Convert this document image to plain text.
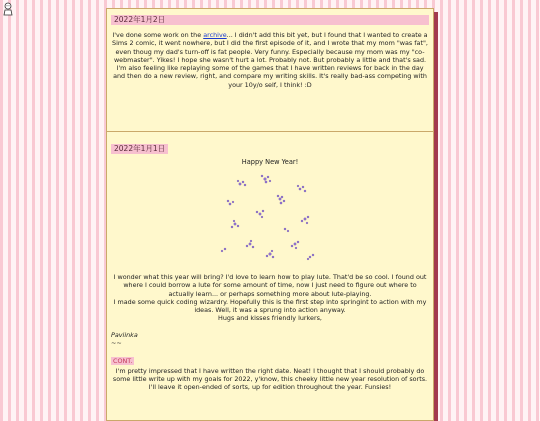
2022年1月2日
I've done some work on the archive... I didn't add this bit yet, but I found that I wanted to create a Sims 2 comic, it went nowhere, but I did the first episode of it, and I wrote that my mom "was fat", even thoug my dad's turn-off is fat people. Very funny. Especially because my mom was my "co-webmaster". Yikes! I hope she wasn't hurt a lot. Probably not. But probably a little and that's sad. I'm also feeling like replaying some of the games that I have written reviews for back in the day and then do a new review, right, and compare my writing skills. It's really bad-ass competing with your 10y/o self, I think! :D
2022年1月1日
Happy New Year!
I wonder what this year will bring? I'd love to learn how to play lute. That'd be so cool. I found out where I could borrow a lute for some amount of time, now I just need to figure out where to actually learn... or perhaps something more about lute-playing.
I made some quick coding wizardry. Hopefully this is the first step into springint to action with my ideas. Well, it was a sprung into action anyway.
Hugs and kisses friendly lurkers,
Paviinka
~~
CONT.
I'm pretty impressed that I have written the right date. Neat! I thought that I should probably do some little write up with my goals for 2022, y'know, this cheeky little new year resolution of sorts. I'll leave it open-ended of sorts, up for edition throughout the year. Funsies!
